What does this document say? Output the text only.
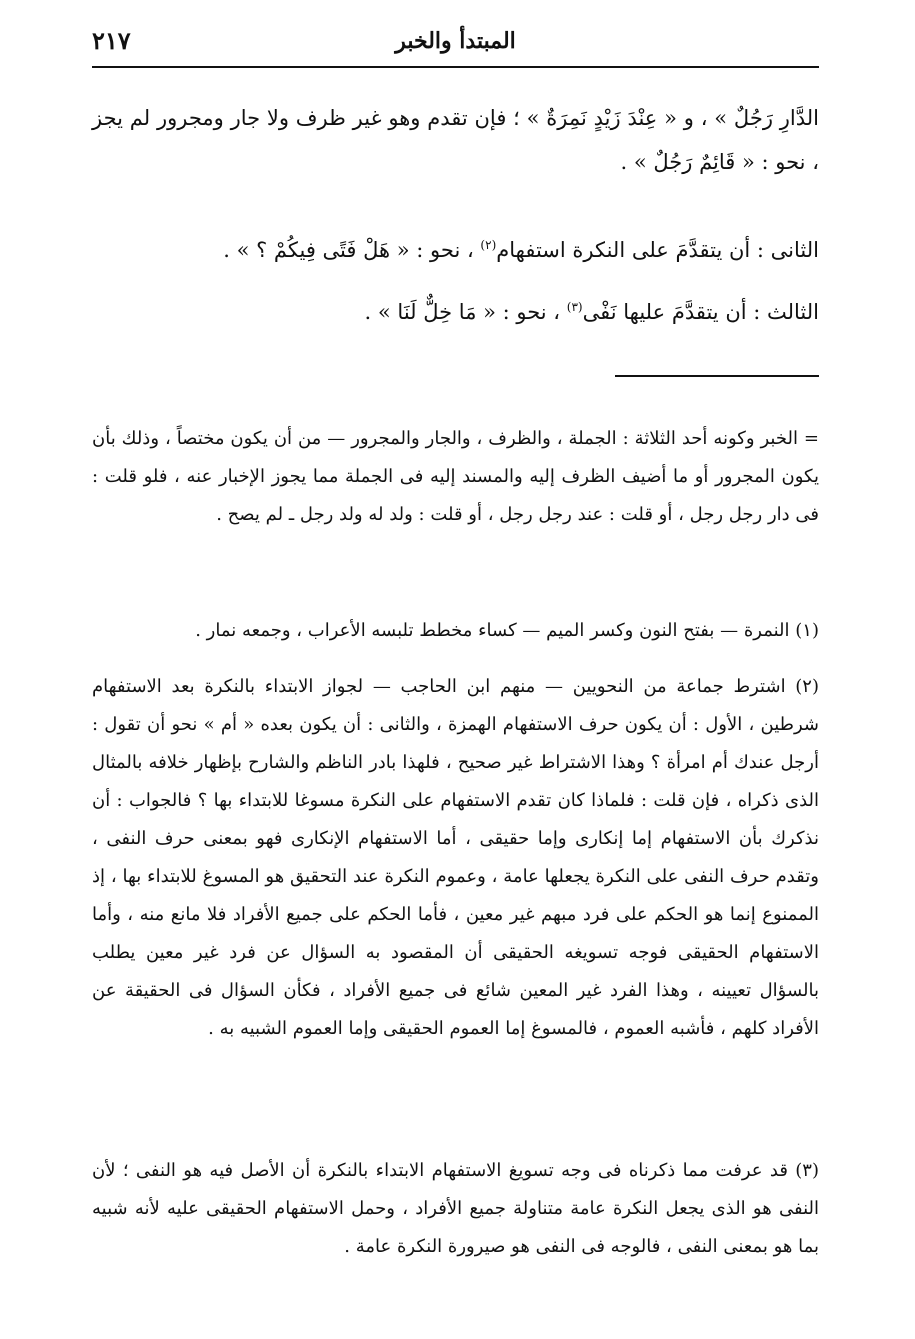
المبتدأ والخبر
٢١٧

الدَّارِ رَجُلٌ » ، و « عِنْدَ زَيْدٍ نَمِرَةٌ » ؛ فإن تقدم وهو غير ظرف ولا جار ومجرور لم يجز ، نحو : « قَائِمٌ رَجُلٌ » .

الثانى : أن يتقدَّمَ على النكرة استفهام$^{(٢)}$ ، نحو : « هَلْ فَتًى فِيكُمْ ؟ » .

الثالث : أن يتقدَّمَ عليها نَفْى$^{(٣)}$ ، نحو : « مَا خِلٌّ لَنَا » .

= الخبر وكونه أحد الثلاثة : الجملة ، والظرف ، والجار والمجرور — من أن يكون مختصاً ، وذلك بأن يكون المجرور أو ما أضيف الظرف إليه والمسند إليه فى الجملة مما يجوز الإخبار عنه ، فلو قلت : فى دار رجل رجل ، أو قلت : عند رجل رجل ، أو قلت : ولد له ولد رجل ـ لم يصح .

(١) النمرة — بفتح النون وكسر الميم — كساء مخطط تلبسه الأعراب ، وجمعه نمار .

(٢) اشترط جماعة من النحويين — منهم ابن الحاجب — لجواز الابتداء بالنكرة بعد الاستفهام شرطين ، الأول : أن يكون حرف الاستفهام الهمزة ، والثانى : أن يكون بعده « أم » نحو أن تقول : أرجل عندك أم امرأة ؟ وهذا الاشتراط غير صحيح ، فلهذا بادر الناظم والشارح بإظهار خلافه بالمثال الذى ذكراه ، فإن قلت : فلماذا كان تقدم الاستفهام على النكرة مسوغا للابتداء بها ؟ فالجواب : أن نذكرك بأن الاستفهام إما إنكارى وإما حقيقى ، أما الاستفهام الإنكارى فهو بمعنى حرف النفى ، وتقدم حرف النفى على النكرة يجعلها عامة ، وعموم النكرة عند التحقيق هو المسوغ للابتداء بها ، إذ الممنوع إنما هو الحكم على فرد مبهم غير معين ، فأما الحكم على جميع الأفراد فلا مانع منه ، وأما الاستفهام الحقيقى فوجه تسويغه الحقيقى أن المقصود به السؤال عن فرد غير معين يطلب بالسؤال تعيينه ، وهذا الفرد غير المعين شائع فى جميع الأفراد ، فكأن السؤال فى الحقيقة عن الأفراد كلهم ، فأشبه العموم ، فالمسوغ إما العموم الحقيقى وإما العموم الشبيه به .

(٣) قد عرفت مما ذكرناه فى وجه تسويغ الاستفهام الابتداء بالنكرة أن الأصل فيه هو النفى ؛ لأن النفى هو الذى يجعل النكرة عامة متناولة جميع الأفراد ، وحمل الاستفهام الحقيقى عليه لأنه شبيه بما هو بمعنى النفى ، فالوجه فى النفى هو صيرورة النكرة عامة .
